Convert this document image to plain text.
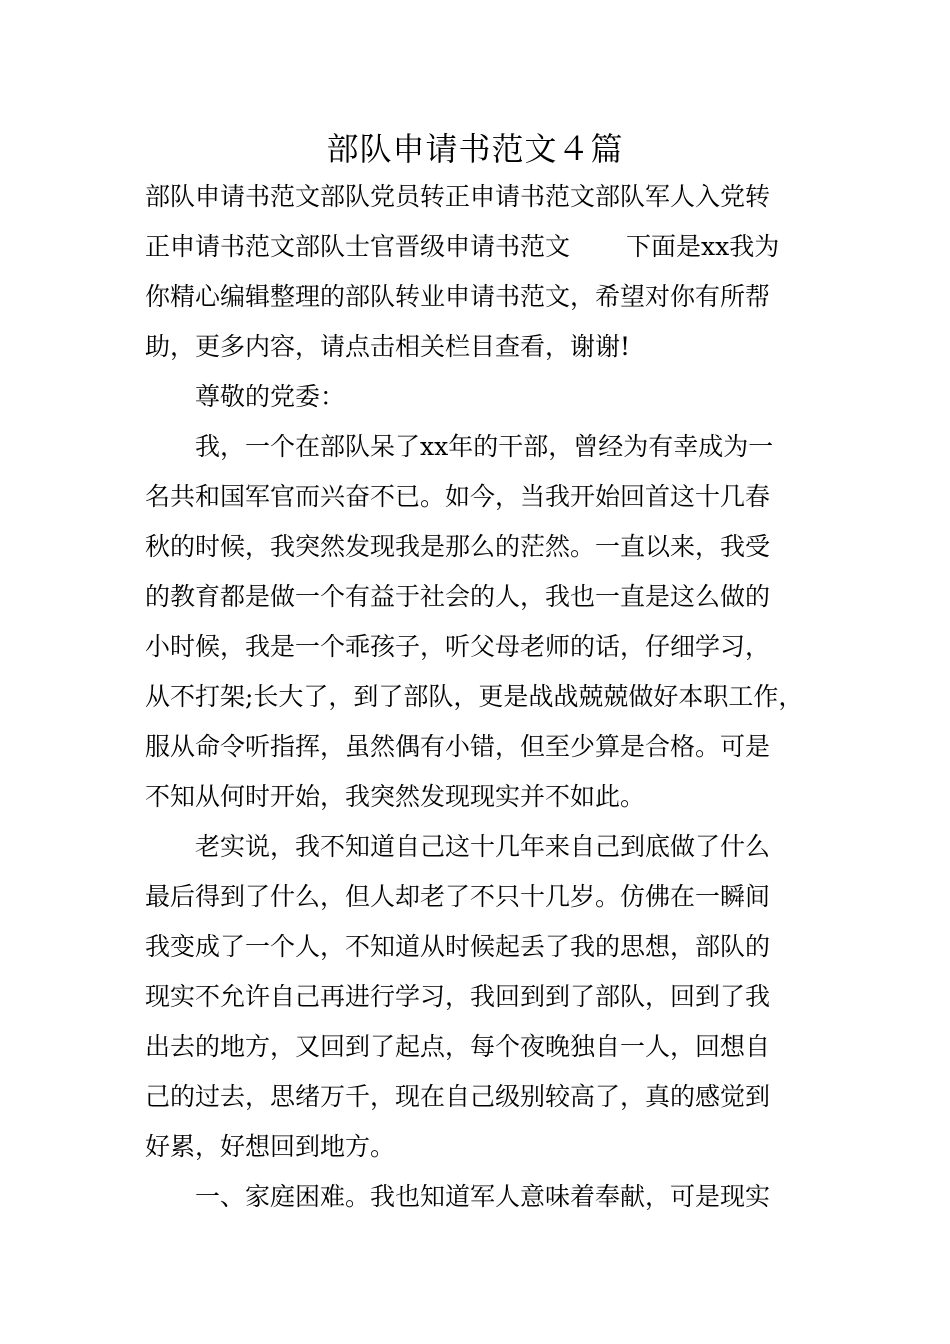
部队申请书范文４篇

部队申请书范文部队党员转正申请书范文部队军人入党转

正申请书范文部队士官晋级申请书范文 下面是xx我为

你精心编辑整理的部队转业申请书范文，希望对你有所帮

助，更多内容，请点击相关栏目查看，谢谢!

尊敬的党委：

我，一个在部队呆了xx年的干部，曾经为有幸成为一

名共和国军官而兴奋不已。如今，当我开始回首这十几春

秋的时候，我突然发现我是那么的茫然。一直以来，我受

的教育都是做一个有益于社会的人，我也一直是这么做的

小时候，我是一个乖孩子，听父母老师的话，仔细学习，

从不打架;长大了，到了部队，更是战战兢兢做好本职工作，

服从命令听指挥，虽然偶有小错，但至少算是合格。可是

不知从何时开始，我突然发现现实并不如此。

老实说，我不知道自己这十几年来自己到底做了什么

最后得到了什么，但人却老了不只十几岁。仿佛在一瞬间

我变成了一个人，不知道从时候起丢了我的思想，部队的

现实不允许自己再进行学习，我回到到了部队，回到了我

出去的地方，又回到了起点，每个夜晚独自一人，回想自

己的过去，思绪万千，现在自己级别较高了，真的感觉到

好累，好想回到地方。

一、家庭困难。我也知道军人意味着奉献，可是现实
